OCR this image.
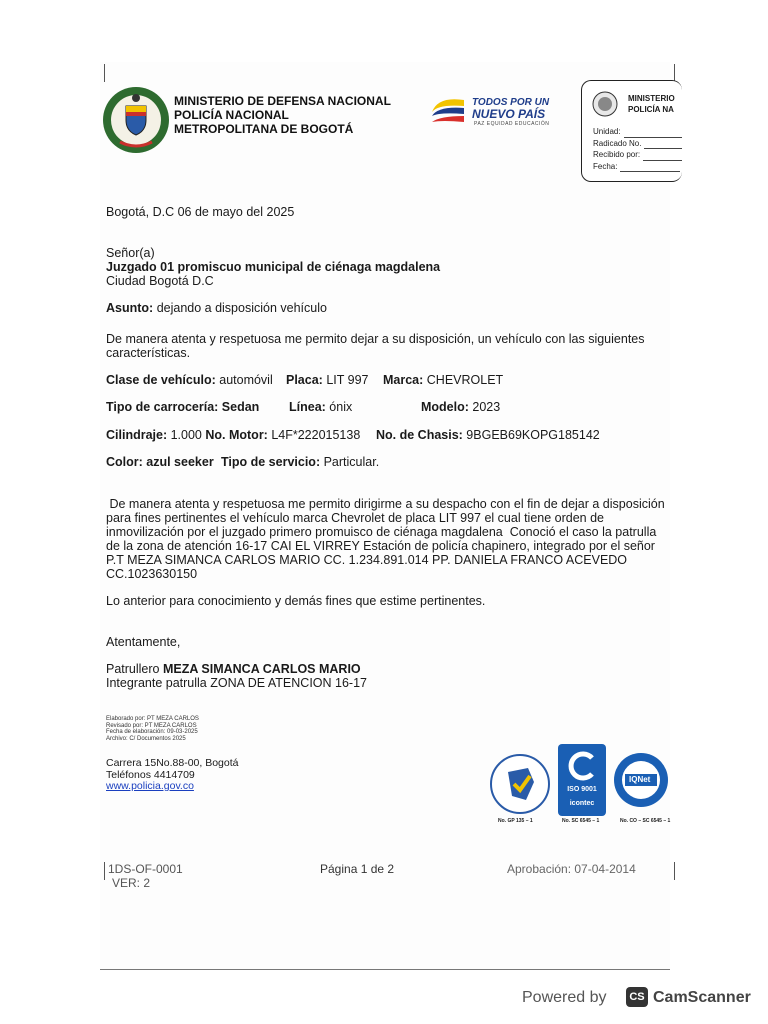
MINISTERIO DE DEFENSA NACIONAL
POLICÍA NACIONAL
METROPOLITANA DE BOGOTÁ
TODOS POR UN
NUEVO PAÍS
PAZ EQUIDAD EDUCACIÓN
MINISTERIO
POLICÍA NA
Unidad:
Radicado No.
Recibido por:
Fecha:
Bogotá, D.C 06 de mayo del 2025
Señor(a)
Juzgado 01 promiscuo municipal de ciénaga magdalena
Ciudad Bogotá D.C
Asunto: dejando a disposición vehículo
De manera atenta y respetuosa me permito dejar a su disposición, un vehículo con las siguientes características.
Clase de vehículo: automóvil Placa: LIT 997 Marca: CHEVROLET
Tipo de carrocería: Sedan Línea: ónix	Modelo: 2023
Cilindraje: 1.000 No. Motor: L4F*222015138 No. de Chasis: 9BGEB69KOPG185142
Color: azul seeker Tipo de servicio: Particular.
De manera atenta y respetuosa me permito dirigirme a su despacho con el fin de dejar a disposición para fines pertinentes el vehículo marca Chevrolet de placa LIT 997 el cual tiene orden de inmovilización por el juzgado primero promuisco de ciénaga magdalena  Conoció el caso la patrulla de la zona de atención 16-17 CAI EL VIRREY Estación de policía chapinero, integrado por el señor P.T MEZA SIMANCA CARLOS MARIO CC. 1.234.891.014 PP. DANIELA FRANCO ACEVEDO CC.1023630150
Lo anterior para conocimiento y demás fines que estime pertinentes.
Atentamente,
Patrullero MEZA SIMANCA CARLOS MARIO
Integrante patrulla ZONA DE ATENCION 16-17
Elaborado por: PT MEZA CARLOS
Revisado por: PT MEZA CARLOS
Fecha de elaboración: 09-03-2025
Archivo: C/ Documentos 2025
Carrera 15No.88-00, Bogotá
Teléfonos 4414709
www.policia.gov.co
No. GP 135 – 1
ISO 9001
icontec
No. SC 6545 – 1
IQNet
No. CO – SC 6545 – 1
1DS-OF-0001
VER: 2
Página 1 de 2	Aprobación: 07-04-2014
Powered by	CS CamScanner
